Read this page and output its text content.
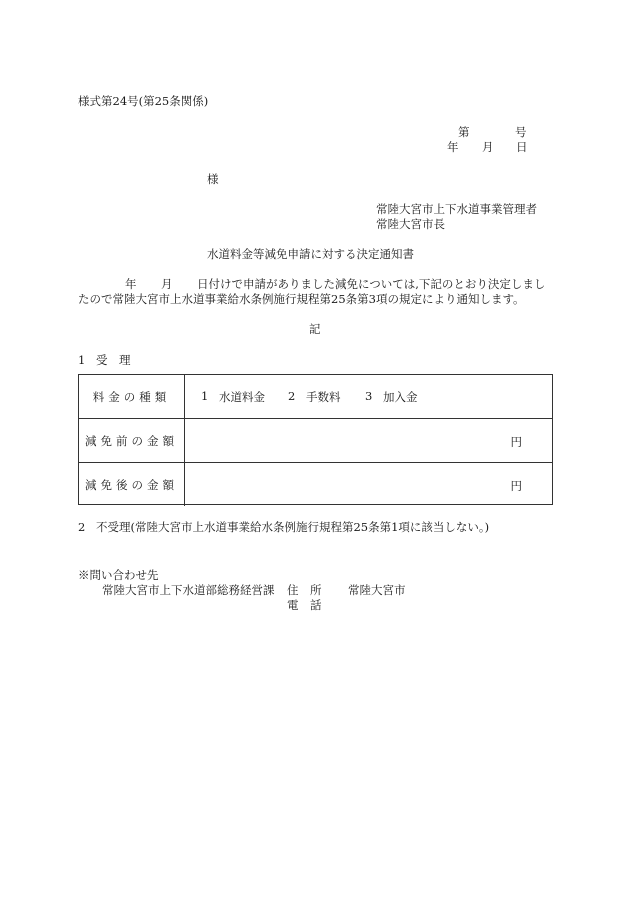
様式第24号(第25条関係)
第	号
年 月 日
様
常陸大宮市上下水道事業管理者
常陸大宮市長
水道料金等減免申請に対する決定通知書
年 月 日付けで申請がありました減免については,下記のとおり決定しまし
たので常陸大宮市上水道事業給水条例施行規程第25条第3項の規定により通知します。
記
1 受　理
料金の種類	1 水道料金 2 手数料 3 加入金
減免前の金額	円
減免後の金額	円
2 不受理(常陸大宮市上水道事業給水条例施行規程第25条第1項に該当しない。)
※問い合わせ先
常陸大宮市上下水道部総務経営課 住　所 常陸大宮市
電　話
